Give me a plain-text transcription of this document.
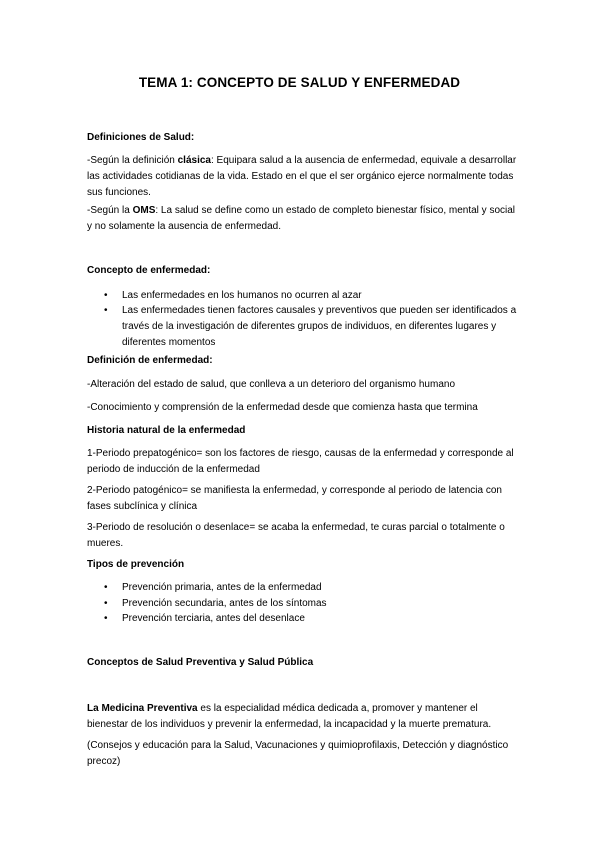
TEMA 1: CONCEPTO DE SALUD Y ENFERMEDAD
Definiciones de Salud:
-Según la definición clásica: Equipara salud a la ausencia de enfermedad, equivale a desarrollar las actividades cotidianas de la vida. Estado en el que el ser orgánico ejerce normalmente todas sus funciones.
-Según la OMS: La salud se define como un estado de completo bienestar físico, mental y social y no solamente la ausencia de enfermedad.
Concepto de enfermedad:
• Las enfermedades en los humanos no ocurren al azar
• Las enfermedades tienen factores causales y preventivos que pueden ser identificados a través de la investigación de diferentes grupos de individuos, en diferentes lugares y diferentes momentos
Definición de enfermedad:
-Alteración del estado de salud, que conlleva a un deterioro del organismo humano
-Conocimiento y comprensión de la enfermedad desde que comienza hasta que termina
Historia natural de la enfermedad
1-Periodo prepatogénico= son los factores de riesgo, causas de la enfermedad y corresponde al periodo de inducción de la enfermedad
2-Periodo patogénico= se manifiesta la enfermedad, y corresponde al periodo de latencia con fases subclínica y clínica
3-Periodo de resolución o desenlace= se acaba la enfermedad, te curas parcial o totalmente o mueres.
Tipos de prevención
• Prevención primaria, antes de la enfermedad
• Prevención secundaria, antes de los síntomas
• Prevención terciaria, antes del desenlace
Conceptos de Salud Preventiva y Salud Pública
La Medicina Preventiva es la especialidad médica dedicada a, promover y mantener el bienestar de los individuos y prevenir la enfermedad, la incapacidad y la muerte prematura.
(Consejos y educación para la Salud, Vacunaciones y quimioprofilaxis, Detección y diagnóstico precoz)
